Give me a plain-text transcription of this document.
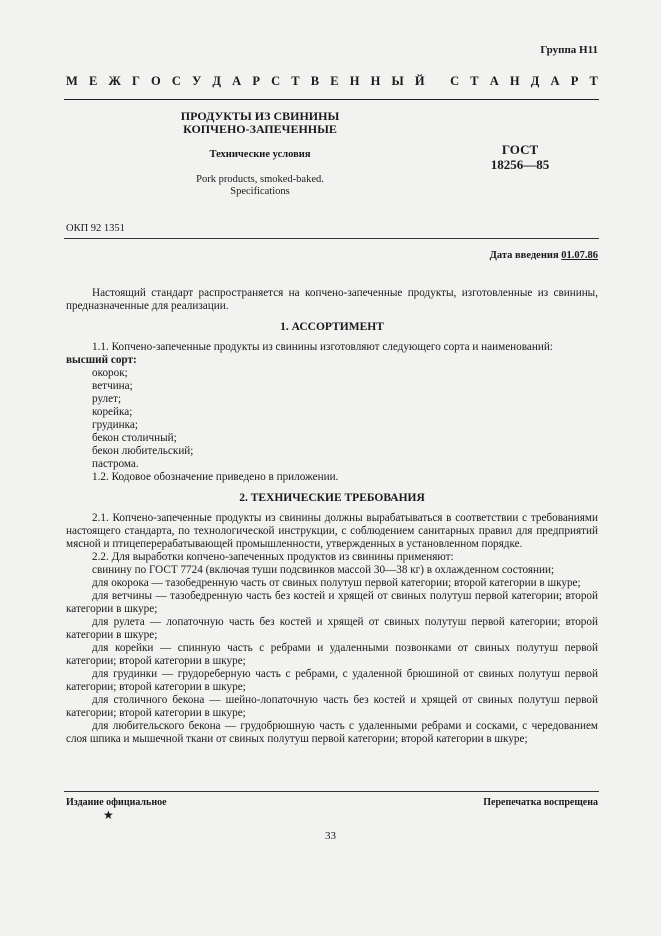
Группа Н11
М Е Ж Г О С У Д А Р С Т В Е Н Н Ы Й
С Т А Н Д А Р Т
ПРОДУКТЫ ИЗ СВИНИНЫ
КОПЧЕНО-ЗАПЕЧЕННЫЕ
Технические условия
Pork products, smoked-baked.
Specifications
ГОСТ
18256—85
ОКП 92 1351
Дата введения 01.07.86

Настоящий стандарт распространяется на копчено-запеченные продукты, изготовленные из свинины, предназначенные для реализации.

1. АССОРТИМЕНТ

1.1. Копчено-запеченные продукты из свинины изготовляют следующего сорта и наименований:

высший сорт:

окорок;

ветчина;

рулет;

корейка;

грудинка;

бекон столичный;

бекон любительский;

пастрома.

1.2. Кодовое обозначение приведено в приложении.

2. ТЕХНИЧЕСКИЕ ТРЕБОВАНИЯ

2.1. Копчено-запеченные продукты из свинины должны вырабатываться в соответствии с требованиями настоящего стандарта, по технологической инструкции, с соблюдением санитарных правил для предприятий мясной и птицеперерабатывающей промышленности, утвержденных в установленном порядке.

2.2. Для выработки копчено-запеченных продуктов из свинины применяют:

свинину по ГОСТ 7724 (включая туши подсвинков массой 30—38 кг) в охлажденном состоянии;

для окорока — тазобедренную часть от свиных полутуш первой категории; второй категории в шкуре;

для ветчины — тазобедренную часть без костей и хрящей от свиных полутуш первой категории; второй категории в шкуре;

для рулета — лопаточную часть без костей и хрящей от свиных полутуш первой категории; второй категории в шкуре;

для корейки — спинную часть с ребрами и удаленными позвонками от свиных полутуш первой категории; второй категории в шкуре;

для грудинки — грудореберную часть с ребрами, с удаленной брюшиной от свиных полутуш первой категории; второй категории в шкуре;

для столичного бекона — шейно-лопаточную часть без костей и хрящей от свиных полутуш первой категории; второй категории в шкуре;

для любительского бекона — грудобрюшную часть с удаленными ребрами и сосками, с чередованием слоя шпика и мышечной ткани от свиных полутуш первой категории; второй категории в шкуре;

Издание официальное	Перепечатка воспрещена
★
33
